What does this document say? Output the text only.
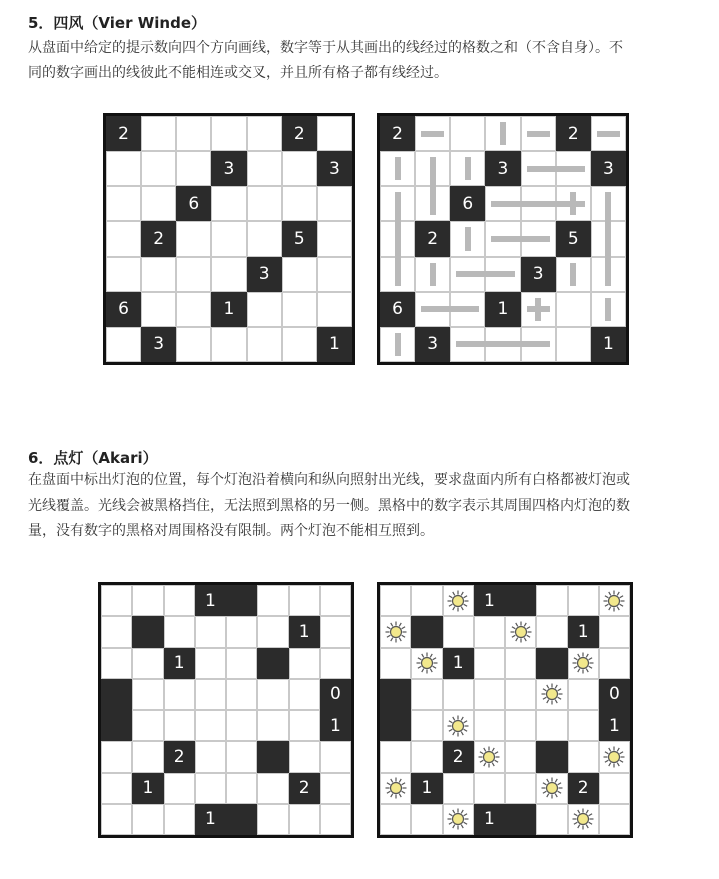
5．四风（Vier Winde）

从盘面中给定的提示数向四个方向画线，数字等于从其画出的线经过的格数之和（不含自身）。不

同的数字画出的线彼此不能相连或交叉，并且所有格子都有线经过。

2	2
3	3
6
2	5
3
6	1
3	1
2	2
3	3
6
2	5
3
6	1
3	1
6．点灯（Akari）

在盘面中标出灯泡的位置，每个灯泡沿着横向和纵向照射出光线，要求盘面内所有白格都被灯泡或

光线覆盖。光线会被黑格挡住，无法照到黑格的另一侧。黑格中的数字表示其周围四格内灯泡的数

量，没有数字的黑格对周围格没有限制。两个灯泡不能相互照到。

1
1
1
0
1
2
1	2
1
1
1
1
0
1
2
1	2
1
